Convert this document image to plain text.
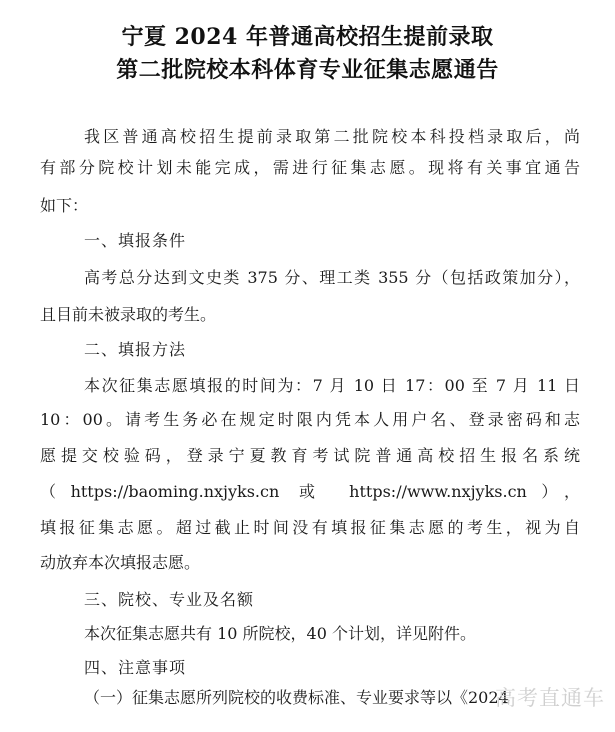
宁夏 2024 年普通高校招生提前录取
第二批院校本科体育专业征集志愿通告
我区普通高校招生提前录取第二批院校本科投档录取后，尚
有部分院校计划未能完成，需进行征集志愿。现将有关事宜通告
如下：
一、填报条件
高考总分达到文史类 375 分、理工类 355 分（包括政策加分），
且目前未被录取的考生。
二、填报方法
本次征集志愿填报的时间为：7 月 10 日 17：00 至 7 月 11 日
10：00。请考生务必在规定时限内凭本人用户名、登录密码和志
愿提交校验码，登录宁夏教育考试院普通高校招生报名系统
（https://baoming.nxjyks.cn 或 https://www.nxjyks.cn），
填报征集志愿。超过截止时间没有填报征集志愿的考生，视为自
动放弃本次填报志愿。
三、院校、专业及名额
本次征集志愿共有 10 所院校，40 个计划，详见附件。
四、注意事项
（一）征集志愿所列院校的收费标准、专业要求等以《2024
高考直通车
